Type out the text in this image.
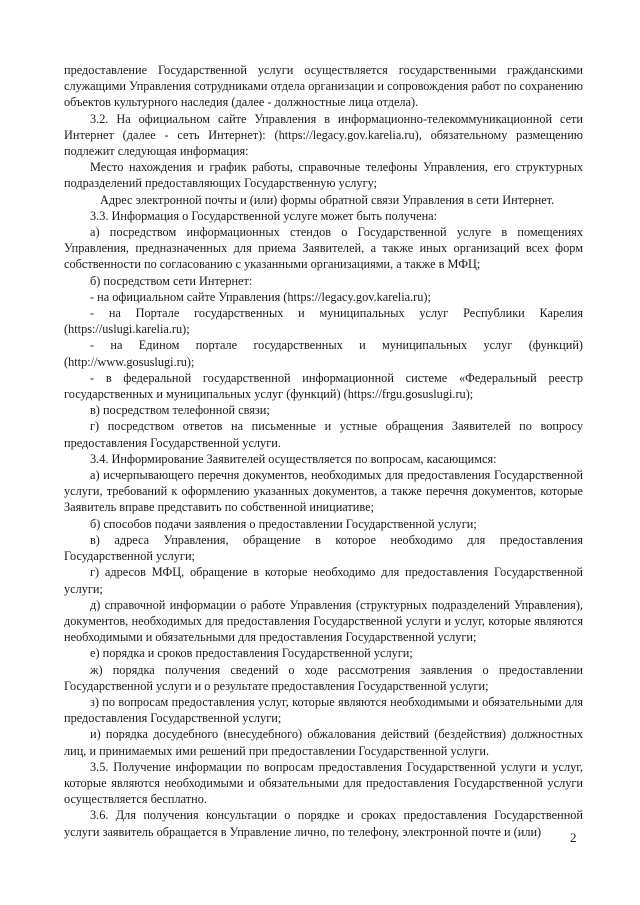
предоставление Государственной услуги осуществляется государственными гражданскими служащими Управления сотрудниками отдела организации и сопровождения работ по сохранению объектов культурного наследия (далее - должностные лица отдела).

3.2. На официальном сайте Управления в информационно-телекоммуникационной сети Интернет (далее - сеть Интернет): (https://legacy.gov.karelia.ru), обязательному размещению подлежит следующая информация:

Место нахождения и график работы, справочные телефоны Управления, его структурных подразделений предоставляющих Государственную услугу;

Адрес электронной почты и (или) формы обратной связи Управления в сети Интернет.

3.3. Информация о Государственной услуге может быть получена:

а) посредством информационных стендов о Государственной услуге в помещениях Управления, предназначенных для приема Заявителей, а также иных организаций всех форм собственности по согласованию с указанными организациями, а также в МФЦ;

б) посредством сети Интернет:

- на официальном сайте Управления (https://legacy.gov.karelia.ru);

- на Портале государственных и муниципальных услуг Республики Карелия (https://uslugi.karelia.ru);

- на Едином портале государственных и муниципальных услуг (функций) (http://www.gosuslugi.ru);

- в федеральной государственной информационной системе «Федеральный реестр государственных и муниципальных услуг (функций) (https://frgu.gosuslugi.ru);

в) посредством телефонной связи;

г) посредством ответов на письменные и устные обращения Заявителей по вопросу предоставления Государственной услуги.

3.4. Информирование Заявителей осуществляется по вопросам, касающимся:

а) исчерпывающего перечня документов, необходимых для предоставления Государственной услуги, требований к оформлению указанных документов, а также перечня документов, которые Заявитель вправе представить по собственной инициативе;

б) способов подачи заявления о предоставлении Государственной услуги;

в) адреса Управления, обращение в которое необходимо для предоставления Государственной услуги;

г) адресов МФЦ, обращение в которые необходимо для предоставления Государственной услуги;

д) справочной информации о работе Управления (структурных подразделений Управления), документов, необходимых для предоставления Государственной услуги и услуг, которые являются необходимыми и обязательными для предоставления Государственной услуги;

е) порядка и сроков предоставления Государственной услуги;

ж) порядка получения сведений о ходе рассмотрения заявления о предоставлении Государственной услуги и о результате предоставления Государственной услуги;

з) по вопросам предоставления услуг, которые являются необходимыми и обязательными для предоставления Государственной услуги;

и) порядка досудебного (внесудебного) обжалования действий (бездействия) должностных лиц, и принимаемых ими решений при предоставлении Государственной услуги.

3.5. Получение информации по вопросам предоставления Государственной услуги и услуг, которые являются необходимыми и обязательными для предоставления Государственной услуги осуществляется бесплатно.

3.6. Для получения консультации о порядке и сроках предоставления Государственной услуги заявитель обращается в Управление лично, по телефону, электронной почте и (или)	2
